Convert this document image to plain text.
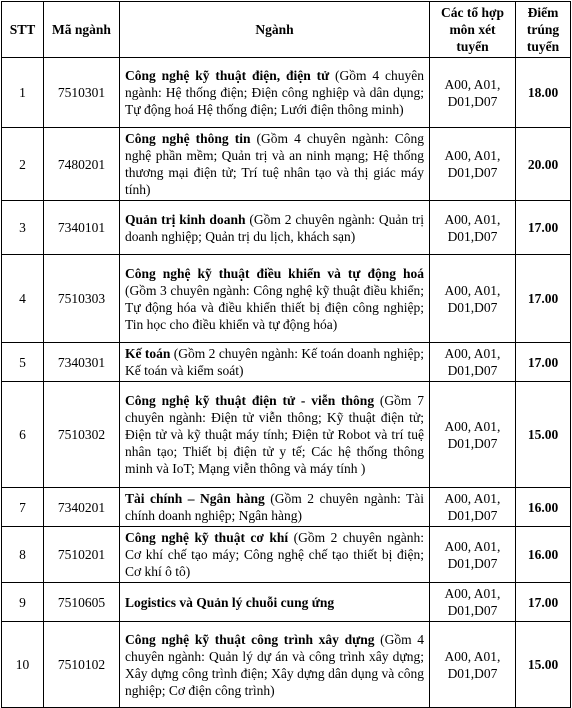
STT	Mã ngành	Ngành	Các tổ hợp môn xét tuyển	Điểm trúng tuyển
1	7510301	Công nghệ kỹ thuật điện, điện tử (Gồm 4 chuyên ngành: Hệ thống điện; Điện công nghiệp và dân dụng; Tự động hoá Hệ thống điện; Lưới điện thông minh)	A00, A01, D01,D07	18.00
2	7480201	Công nghệ thông tin (Gồm 4 chuyên ngành: Công nghệ phần mềm; Quản trị và an ninh mạng; Hệ thống thương mại điện tử; Trí tuệ nhân tạo và thị giác máy tính)	A00, A01, D01,D07	20.00
3	7340101	Quản trị kinh doanh (Gồm 2 chuyên ngành: Quản trị doanh nghiệp; Quản trị du lịch, khách sạn)	A00, A01, D01,D07	17.00
4	7510303	Công nghệ kỹ thuật điều khiển và tự động hoá (Gồm 3 chuyên ngành: Công nghệ kỹ thuật điều khiển; Tự động hóa và điều khiển thiết bị điện công nghiệp; Tin học cho điều khiển và tự động hóa)	A00, A01, D01,D07	17.00
5	7340301	Kế toán (Gồm 2 chuyên ngành: Kế toán doanh nghiệp; Kế toán và kiểm soát)	A00, A01, D01,D07	17.00
6	7510302	Công nghệ kỹ thuật điện tử - viễn thông (Gồm 7 chuyên ngành: Điện tử viễn thông; Kỹ thuật điện tử; Điện tử và kỹ thuật máy tính; Điện tử Robot và trí tuệ nhân tạo; Thiết bị điện tử y tế; Các hệ thống thông minh và IoT; Mạng viễn thông và máy tính )	A00, A01, D01,D07	15.00
7	7340201	Tài chính – Ngân hàng (Gồm 2 chuyên ngành: Tài chính doanh nghiệp; Ngân hàng)	A00, A01, D01,D07	16.00
8	7510201	Công nghệ kỹ thuật cơ khí (Gồm 2 chuyên ngành: Cơ khí chế tạo máy; Công nghệ chế tạo thiết bị điện; Cơ khí ô tô)	A00, A01, D01,D07	16.00
9	7510605	Logistics và Quản lý chuỗi cung ứng	A00, A01, D01,D07	17.00
10	7510102	Công nghệ kỹ thuật công trình xây dựng (Gồm 4 chuyên ngành: Quản lý dự án và công trình xây dựng; Xây dựng công trình điện; Xây dựng dân dụng và công nghiệp; Cơ điện công trình)	A00, A01, D01,D07	15.00
